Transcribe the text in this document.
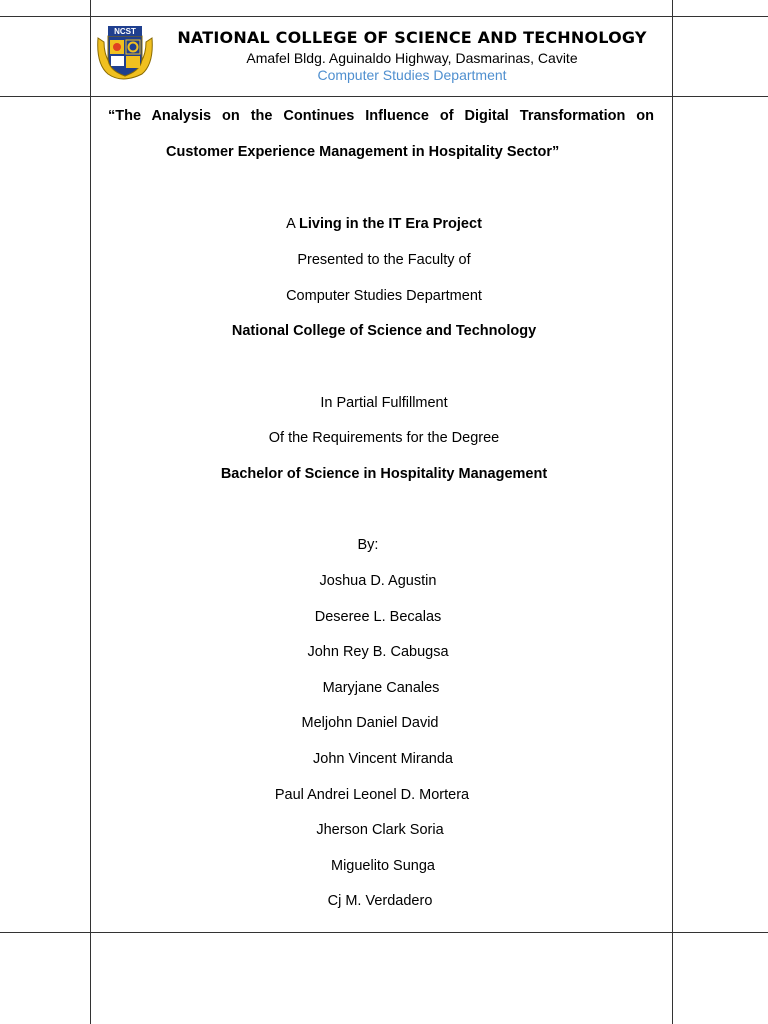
NCST	NATIONAL COLLEGE OF SCIENCE AND TECHNOLOGY
Amafel Bldg. Aguinaldo Highway, Dasmarinas, Cavite
Computer Studies Department
“The Analysis on the Continues Influence of Digital Transformation on
Customer Experience Management in Hospitality Sector”
A Living in the IT Era Project
Presented to the Faculty of
Computer Studies Department
National College of Science and Technology
In Partial Fulfillment
Of the Requirements for the Degree
Bachelor of Science in Hospitality Management
By:
Joshua D. Agustin
Deseree L. Becalas
John Rey B. Cabugsa
Maryjane Canales
Meljohn Daniel David
John Vincent Miranda
Paul Andrei Leonel D. Mortera
Jherson Clark Soria
Miguelito Sunga
Cj M. Verdadero
